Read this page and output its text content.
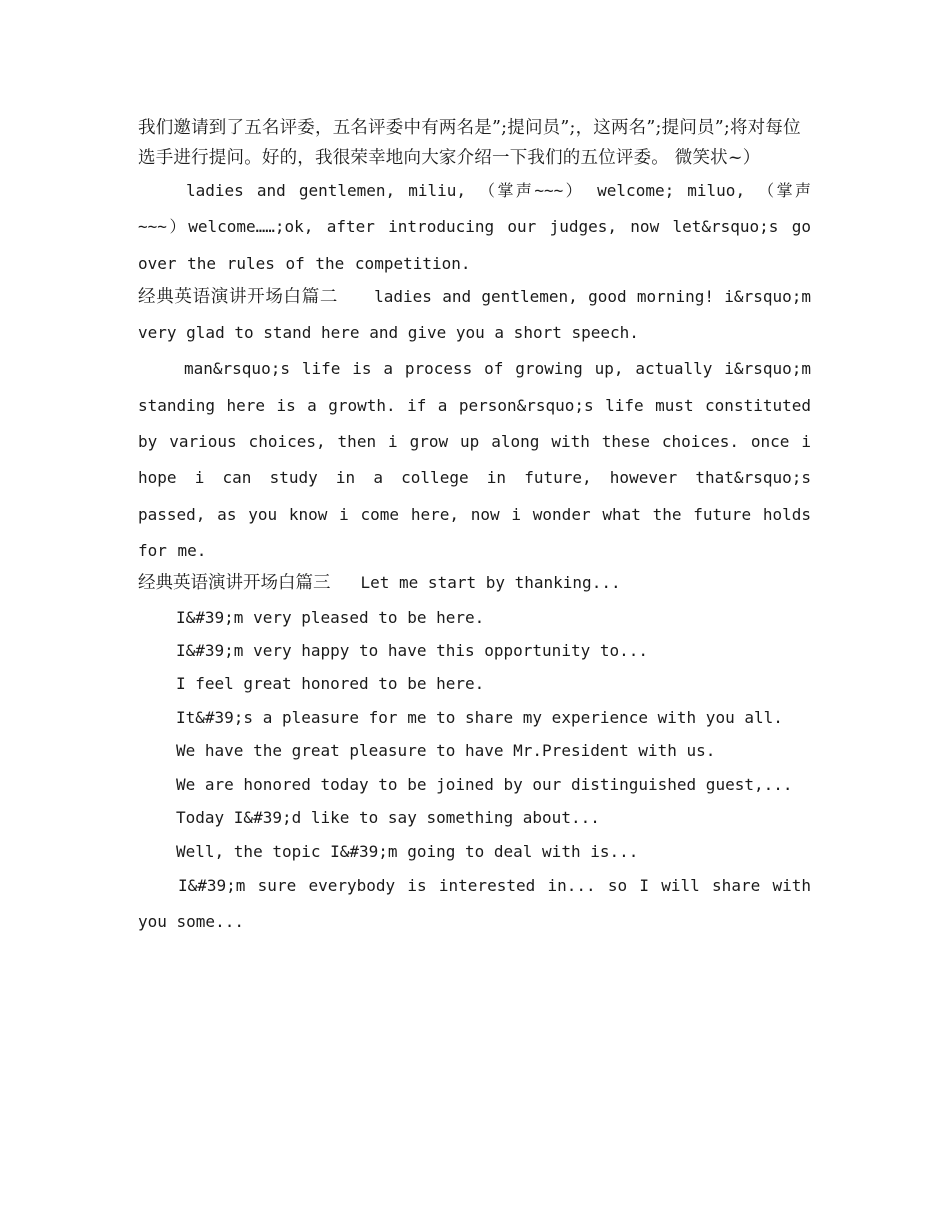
我们邀请到了五名评委，五名评委中有两名是”;提问员”;，这两名”;提问员”;将对每位选手进行提问。好的，我很荣幸地向大家介绍一下我们的五位评委。 微笑状~）

ladies and gentlemen, miliu, （掌声~~~） welcome; miluo, （掌声~~~）welcome……;ok, after introducing our judges, now let&rsquo;s go over the rules of the competition.

经典英语演讲开场白篇二 ladies and gentlemen, good morning! i&rsquo;m very glad to stand here and give you a short speech.

man&rsquo;s life is a process of growing up, actually i&rsquo;m standing here is a growth. if a person&rsquo;s life must constituted by various choices, then i grow up along with these choices. once i hope i can study in a college in future, however that&rsquo;s passed, as you know i come here, now i wonder what the future holds for me.

经典英语演讲开场白篇三 Let me start by thanking...

I&#39;m very pleased to be here.

I&#39;m very happy to have this opportunity to...

I feel great honored to be here.

It&#39;s a pleasure for me to share my experience with you all.

We have the great pleasure to have Mr.President with us.

We are honored today to be joined by our distinguished guest,...

Today I&#39;d like to say something about...

Well, the topic I&#39;m going to deal with is...

I&#39;m sure everybody is interested in... so I will share with you some...
